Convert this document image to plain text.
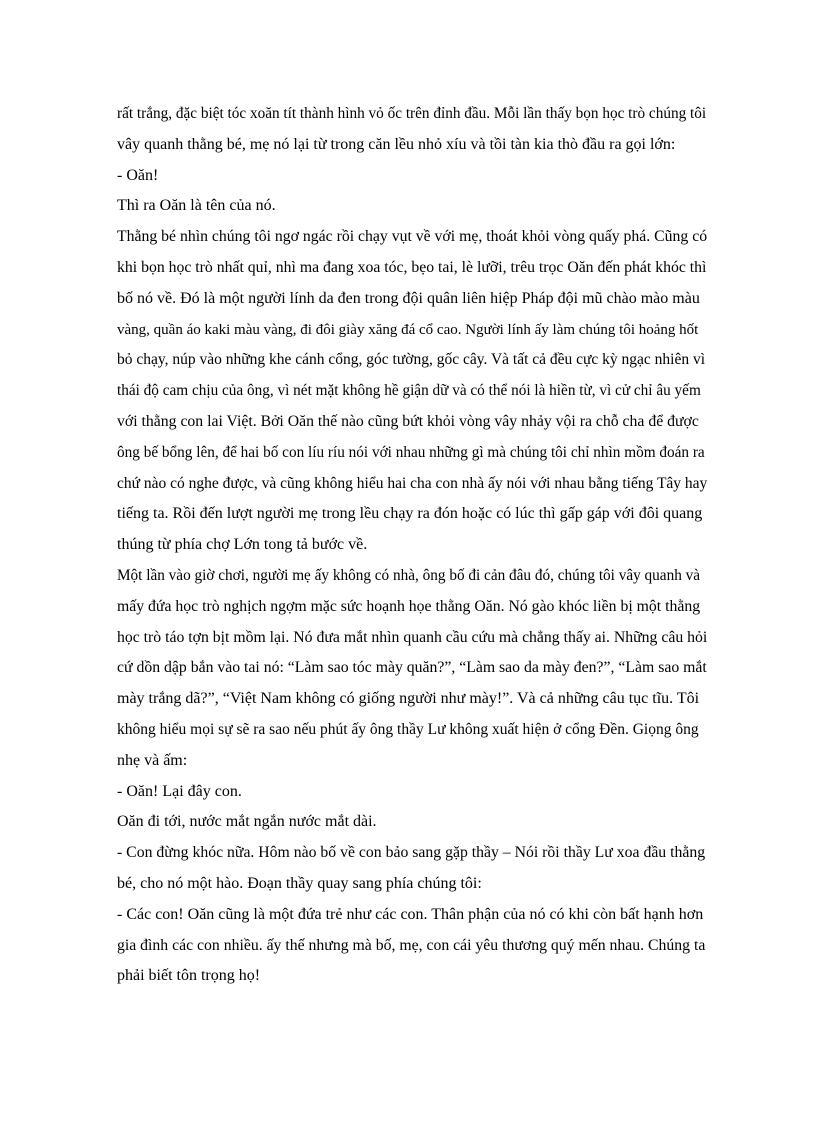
rất trắng, đặc biệt tóc xoăn tít thành hình vỏ ốc trên đỉnh đầu. Mỗi lần thấy bọn học trò chúng tôi
vây quanh thằng bé, mẹ nó lại từ trong căn lều nhỏ xíu và tồi tàn kia thò đầu ra gọi lớn:
- Oăn!
Thì ra Oăn là tên của nó.
Thằng bé nhìn chúng tôi ngơ ngác rồi chạy vụt về với mẹ, thoát khỏi vòng quấy phá. Cũng có
khi bọn học trò nhất quỉ, nhì ma đang xoa tóc, bẹo tai, lè lưỡi, trêu trọc Oăn đến phát khóc thì
bố nó về. Đó là một người lính da đen trong đội quân liên hiệp Pháp đội mũ chào mào màu
vàng, quần áo kaki màu vàng, đi đôi giày xăng đá cổ cao. Người lính ấy làm chúng tôi hoảng hốt
bỏ chạy, núp vào những khe cánh cổng, góc tường, gốc cây. Và tất cả đều cực kỳ ngạc nhiên vì
thái độ cam chịu của ông, vì nét mặt không hề giận dữ và có thể nói là hiền từ, vì cử chỉ âu yếm
với thằng con lai Việt. Bởi Oăn thế nào cũng bứt khỏi vòng vây nhảy vội ra chỗ cha để được
ông bế bổng lên, để hai bố con líu ríu nói với nhau những gì mà chúng tôi chỉ nhìn mồm đoán ra
chứ nào có nghe được, và cũng không hiểu hai cha con nhà ấy nói với nhau bằng tiếng Tây hay
tiếng ta. Rồi đến lượt người mẹ trong lều chạy ra đón hoặc có lúc thì gấp gáp với đôi quang
thúng từ phía chợ Lớn tong tả bước về.
Một lần vào giờ chơi, người mẹ ấy không có nhà, ông bố đi cản đâu đó, chúng tôi vây quanh và
mấy đứa học trò nghịch ngợm mặc sức hoạnh họe thằng Oăn. Nó gào khóc liền bị một thằng
học trò táo tợn bịt mồm lại. Nó đưa mắt nhìn quanh cầu cứu mà chẳng thấy ai. Những câu hỏi
cứ dồn dập bắn vào tai nó: “Làm sao tóc mày quăn?”, “Làm sao da mày đen?”, “Làm sao mắt
mày trắng dã?”, “Việt Nam không có giống người như mày!”. Và cả những câu tục tĩu. Tôi
không hiểu mọi sự sẽ ra sao nếu phút ấy ông thầy Lư không xuất hiện ở cổng Đền. Giọng ông
nhẹ và ấm:
- Oăn! Lại đây con.
Oăn đi tới, nước mắt ngắn nước mắt dài.
- Con đừng khóc nữa. Hôm nào bố về con bảo sang gặp thầy – Nói rồi thầy Lư xoa đầu thằng
bé, cho nó một hào. Đoạn thầy quay sang phía chúng tôi:
- Các con! Oăn cũng là một đứa trẻ như các con. Thân phận của nó có khi còn bất hạnh hơn
gia đình các con nhiều. ấy thế nhưng mà bố, mẹ, con cái yêu thương quý mến nhau. Chúng ta
phải biết tôn trọng họ!
